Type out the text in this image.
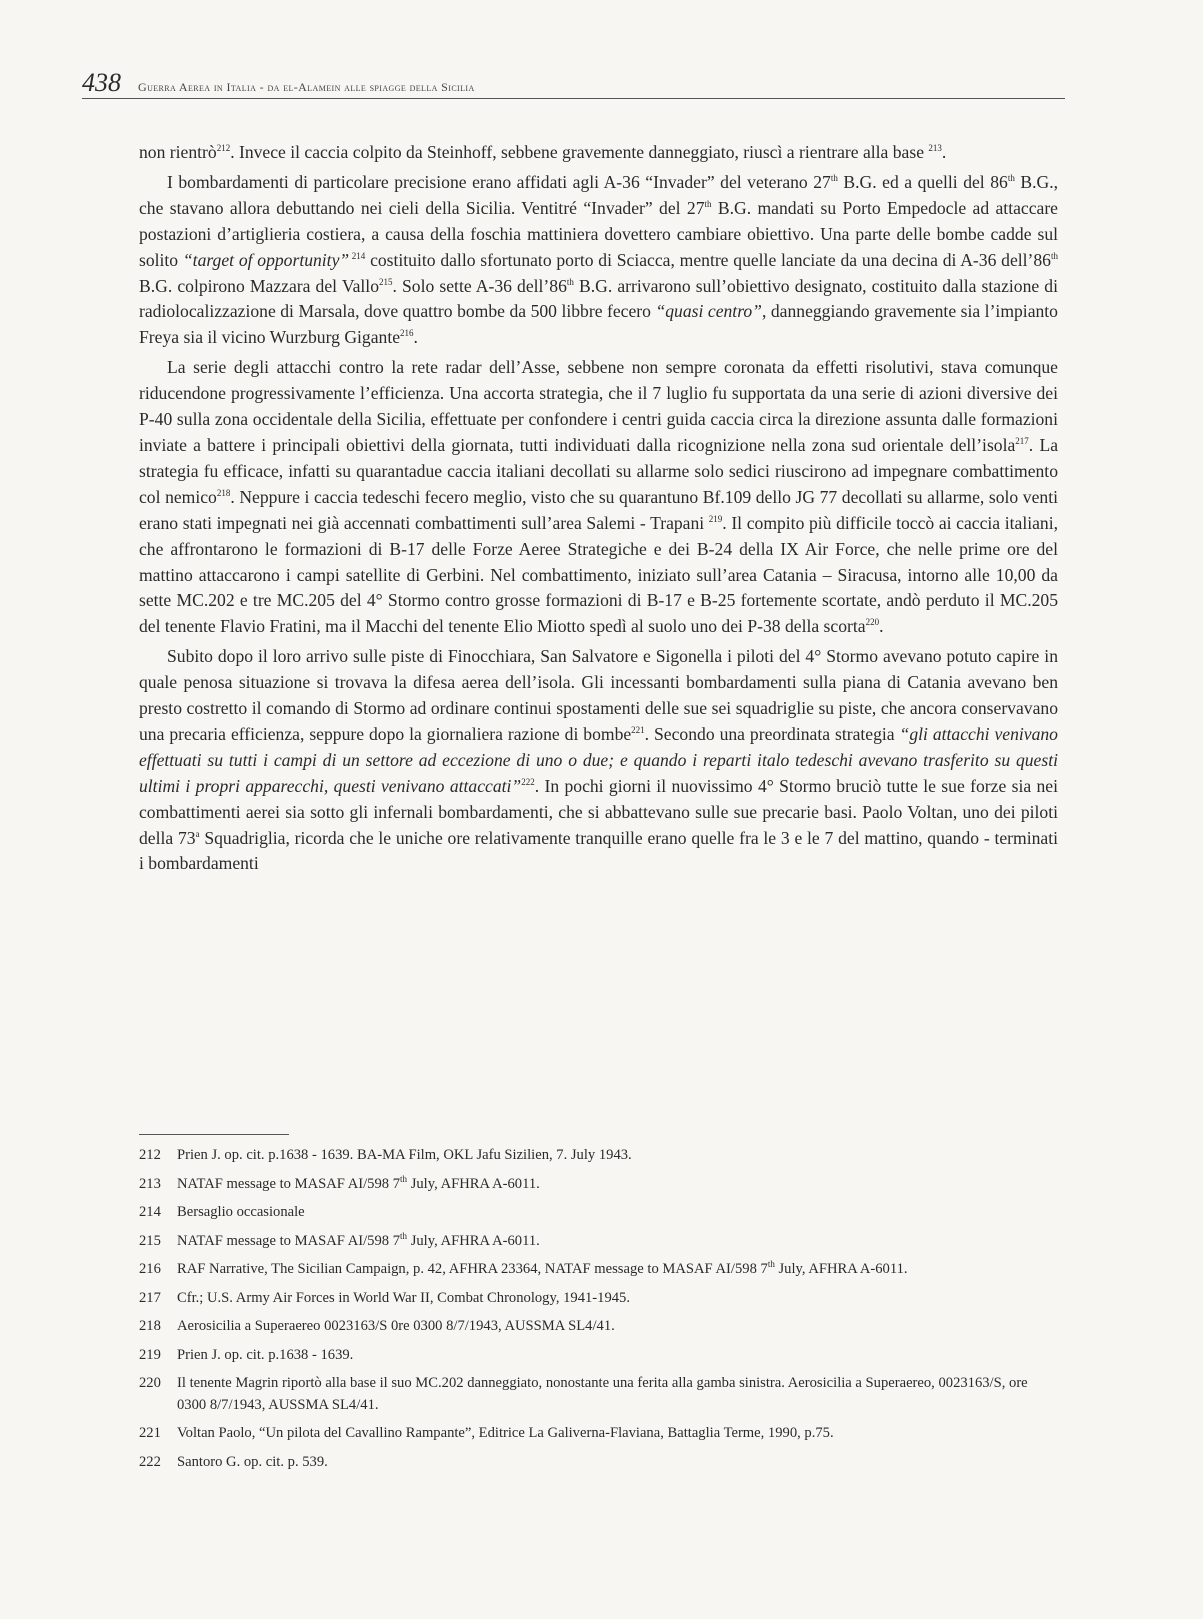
438 Guerra Aerea in Italia - da el-Alamein alle spiagge della Sicilia

non rientrò$^{212}$. Invece il caccia colpito da Steinhoff, sebbene gravemente danneggiato, riuscì a rientrare alla base $^{213}$.

I bombardamenti di particolare precisione erano affidati agli A-36 “Invader” del veterano 27th B.G. ed a quelli del 86th B.G., che stavano allora debuttando nei cieli della Sicilia. Ventitré “Invader” del 27th B.G. mandati su Porto Empedocle ad attaccare postazioni d’artiglieria costiera, a causa della foschia mattiniera dovettero cambiare obiettivo. Una parte delle bombe cadde sul solito “target of opportunity” $^{214}$ costituito dallo sfortunato porto di Sciacca, mentre quelle lanciate da una decina di A-36 dell’86th B.G. colpirono Mazzara del Vallo$^{215}$. Solo sette A-36 dell’86th B.G. arrivarono sull’obiettivo designato, costituito dalla stazione di radiolocalizzazione di Marsala, dove quattro bombe da 500 libbre fecero “quasi centro”, danneggiando gravemente sia l’impianto Freya sia il vicino Wurzburg Gigante$^{216}$.

La serie degli attacchi contro la rete radar dell’Asse, sebbene non sempre coronata da effetti risolutivi, stava comunque riducendone progressivamente l’efficienza. Una accorta strategia, che il 7 luglio fu supportata da una serie di azioni diversive dei P-40 sulla zona occidentale della Sicilia, effettuate per confondere i centri guida caccia circa la direzione assunta dalle formazioni inviate a battere i principali obiettivi della giornata, tutti individuati dalla ricognizione nella zona sud orientale dell’isola$^{217}$. La strategia fu efficace, infatti su quarantadue caccia italiani decollati su allarme solo sedici riuscirono ad impegnare combattimento col nemico$^{218}$. Neppure i caccia tedeschi fecero meglio, visto che su quarantuno Bf.109 dello JG 77 decollati su allarme, solo venti erano stati impegnati nei già accennati combattimenti sull’area Salemi - Trapani $^{219}$. Il compito più difficile toccò ai caccia italiani, che affrontarono le formazioni di B-17 delle Forze Aeree Strategiche e dei B-24 della IX Air Force, che nelle prime ore del mattino attaccarono i campi satellite di Gerbini. Nel combattimento, iniziato sull’area Catania – Siracusa, intorno alle 10,00 da sette MC.202 e tre MC.205 del 4° Stormo contro grosse formazioni di B-17 e B-25 fortemente scortate, andò perduto il MC.205 del tenente Flavio Fratini, ma il Macchi del tenente Elio Miotto spedì al suolo uno dei P-38 della scorta$^{220}$.

Subito dopo il loro arrivo sulle piste di Finocchiara, San Salvatore e Sigonella i piloti del 4° Stormo avevano potuto capire in quale penosa situazione si trovava la difesa aerea dell’isola. Gli incessanti bombardamenti sulla piana di Catania avevano ben presto costretto il comando di Stormo ad ordinare continui spostamenti delle sue sei squadriglie su piste, che ancora conservavano una precaria efficienza, seppure dopo la giornaliera razione di bombe$^{221}$. Secondo una preordinata strategia “gli attacchi venivano effettuati su tutti i campi di un settore ad eccezione di uno o due; e quando i reparti italo tedeschi avevano trasferito su questi ultimi i propri apparecchi, questi venivano attaccati”$^{222}$. In pochi giorni il nuovissimo 4° Stormo bruciò tutte le sue forze sia nei combattimenti aerei sia sotto gli infernali bombardamenti, che si abbattevano sulle sue precarie basi. Paolo Voltan, uno dei piloti della 73$^a$ Squadriglia, ricorda che le uniche ore relativamente tranquille erano quelle fra le 3 e le 7 del mattino, quando - terminati i bombardamenti

212	Prien J. op. cit. p.1638 - 1639. BA-MA Film, OKL Jafu Sizilien, 7. July 1943.
213	NATAF message to MASAF AI/598 7th July, AFHRA A-6011.
214	Bersaglio occasionale
215	NATAF message to MASAF AI/598 7th July, AFHRA A-6011.
216	RAF Narrative, The Sicilian Campaign, p. 42, AFHRA 23364, NATAF message to MASAF AI/598 7th July, AFHRA A-6011.
217	Cfr.; U.S. Army Air Forces in World War II, Combat Chronology, 1941-1945.
218	Aerosicilia a Superaereo 0023163/S 0re 0300 8/7/1943, AUSSMA SL4/41.
219	Prien J. op. cit. p.1638 - 1639.
220	Il tenente Magrin riportò alla base il suo MC.202 danneggiato, nonostante una ferita alla gamba sinistra. Aerosicilia a Superaereo, 0023163/S, ore 0300 8/7/1943, AUSSMA SL4/41.
221	Voltan Paolo, “Un pilota del Cavallino Rampante”, Editrice La Galiverna-Flaviana, Battaglia Terme, 1990, p.75.
222	Santoro G. op. cit. p. 539.
